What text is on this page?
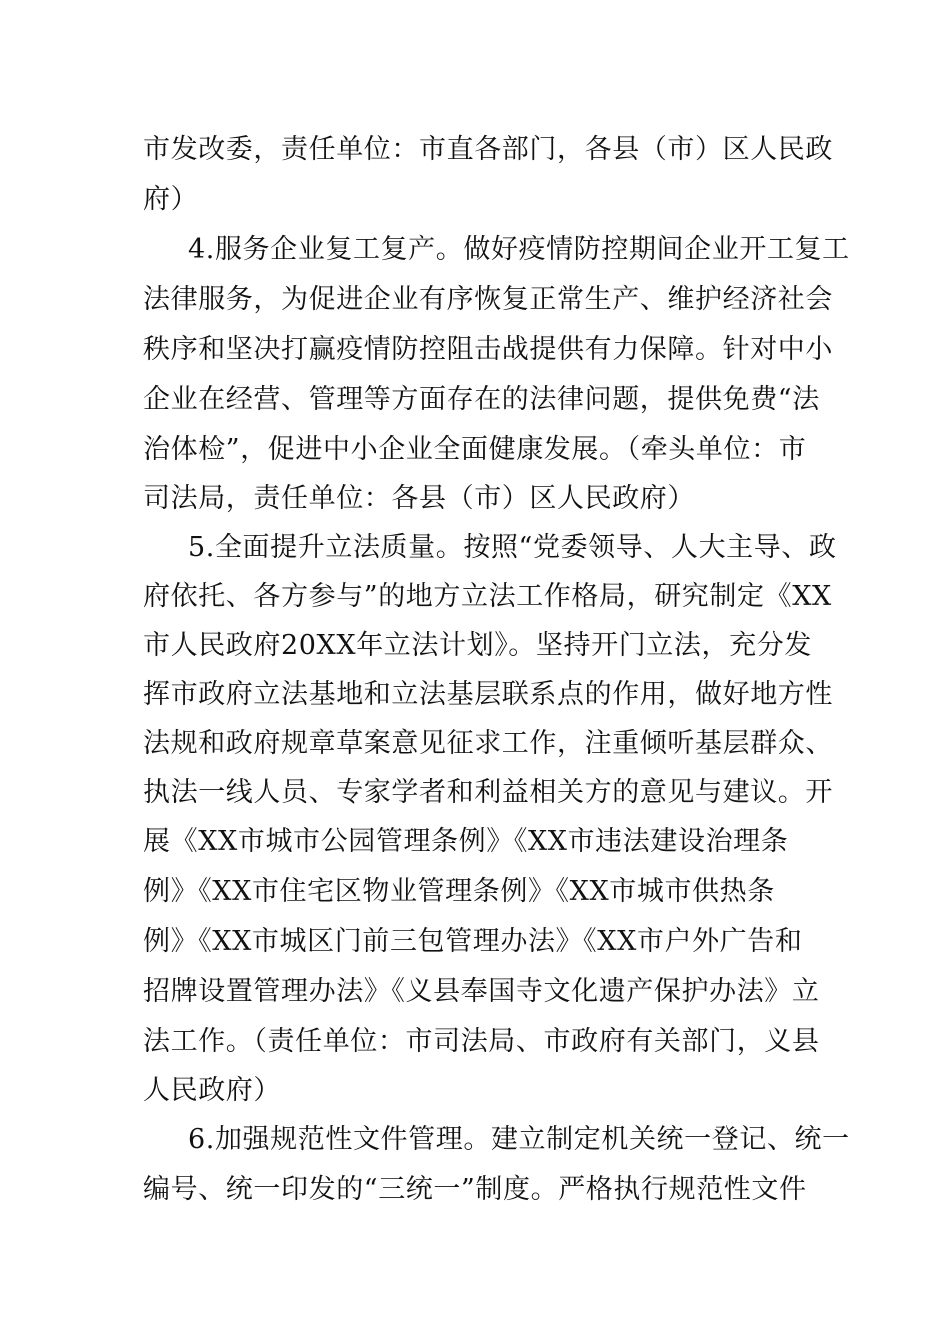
市发改委，责任单位：市直各部门，各县（市）区人民政
府）
4.服务企业复工复产。做好疫情防控期间企业开工复工
法律服务，为促进企业有序恢复正常生产、维护经济社会
秩序和坚决打赢疫情防控阻击战提供有力保障。针对中小
企业在经营、管理等方面存在的法律问题，提供免费“法
治体检”，促进中小企业全面健康发展。（牵头单位：市
司法局，责任单位：各县（市）区人民政府）
5.全面提升立法质量。按照“党委领导、人大主导、政
府依托、各方参与”的地方立法工作格局，研究制定《XX
市人民政府20XX年立法计划》。坚持开门立法，充分发
挥市政府立法基地和立法基层联系点的作用，做好地方性
法规和政府规章草案意见征求工作，注重倾听基层群众、
执法一线人员、专家学者和利益相关方的意见与建议。开
展《XX市城市公园管理条例》《XX市违法建设治理条
例》《XX市住宅区物业管理条例》《XX市城市供热条
例》《XX市城区门前三包管理办法》《XX市户外广告和
招牌设置管理办法》《义县奉国寺文化遗产保护办法》立
法工作。（责任单位：市司法局、市政府有关部门，义县
人民政府）
6.加强规范性文件管理。建立制定机关统一登记、统一
编号、统一印发的“三统一”制度。严格执行规范性文件
